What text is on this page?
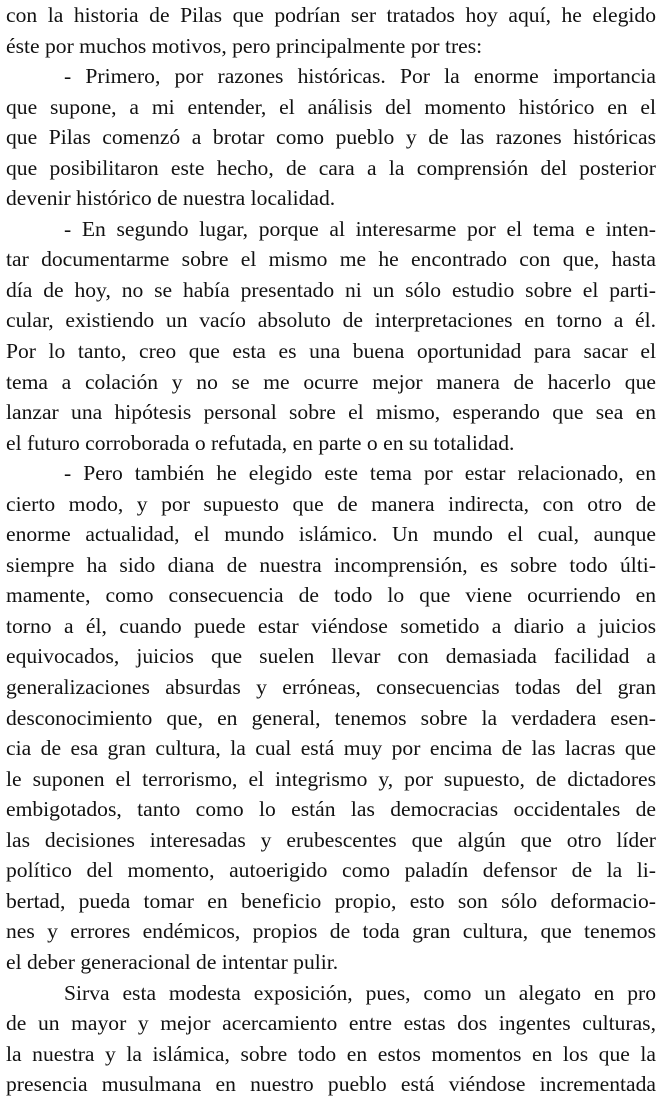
con la historia de Pilas que podrían ser tratados hoy aquí, he elegido
éste por muchos motivos, pero principalmente por tres:
- Primero, por razones históricas. Por la enorme importancia
que supone, a mi entender, el análisis del momento histórico en el
que Pilas comenzó a brotar como pueblo y de las razones históricas
que posibilitaron este hecho, de cara a la comprensión del posterior
devenir histórico de nuestra localidad.
- En segundo lugar, porque al interesarme por el tema e inten-
tar documentarme sobre el mismo me he encontrado con que, hasta
día de hoy, no se había presentado ni un sólo estudio sobre el parti-
cular, existiendo un vacío absoluto de interpretaciones en torno a él.
Por lo tanto, creo que esta es una buena oportunidad para sacar el
tema a colación y no se me ocurre mejor manera de hacerlo que
lanzar una hipótesis personal sobre el mismo, esperando que sea en
el futuro corroborada o refutada, en parte o en su totalidad.
- Pero también he elegido este tema por estar relacionado, en
cierto modo, y por supuesto que de manera indirecta, con otro de
enorme actualidad, el mundo islámico. Un mundo el cual, aunque
siempre ha sido diana de nuestra incomprensión, es sobre todo últi-
mamente, como consecuencia de todo lo que viene ocurriendo en
torno a él, cuando puede estar viéndose sometido a diario a juicios
equivocados, juicios que suelen llevar con demasiada facilidad a
generalizaciones absurdas y erróneas, consecuencias todas del gran
desconocimiento que, en general, tenemos sobre la verdadera esen-
cia de esa gran cultura, la cual está muy por encima de las lacras que
le suponen el terrorismo, el integrismo y, por supuesto, de dictadores
embigotados, tanto como lo están las democracias occidentales de
las decisiones interesadas y erubescentes que algún que otro líder
político del momento, autoerigido como paladín defensor de la li-
bertad, pueda tomar en beneficio propio, esto son sólo deformacio-
nes y errores endémicos, propios de toda gran cultura, que tenemos
el deber generacional de intentar pulir.
Sirva esta modesta exposición, pues, como un alegato en pro
de un mayor y mejor acercamiento entre estas dos ingentes culturas,
la nuestra y la islámica, sobre todo en estos momentos en los que la
presencia musulmana en nuestro pueblo está viéndose incrementada
